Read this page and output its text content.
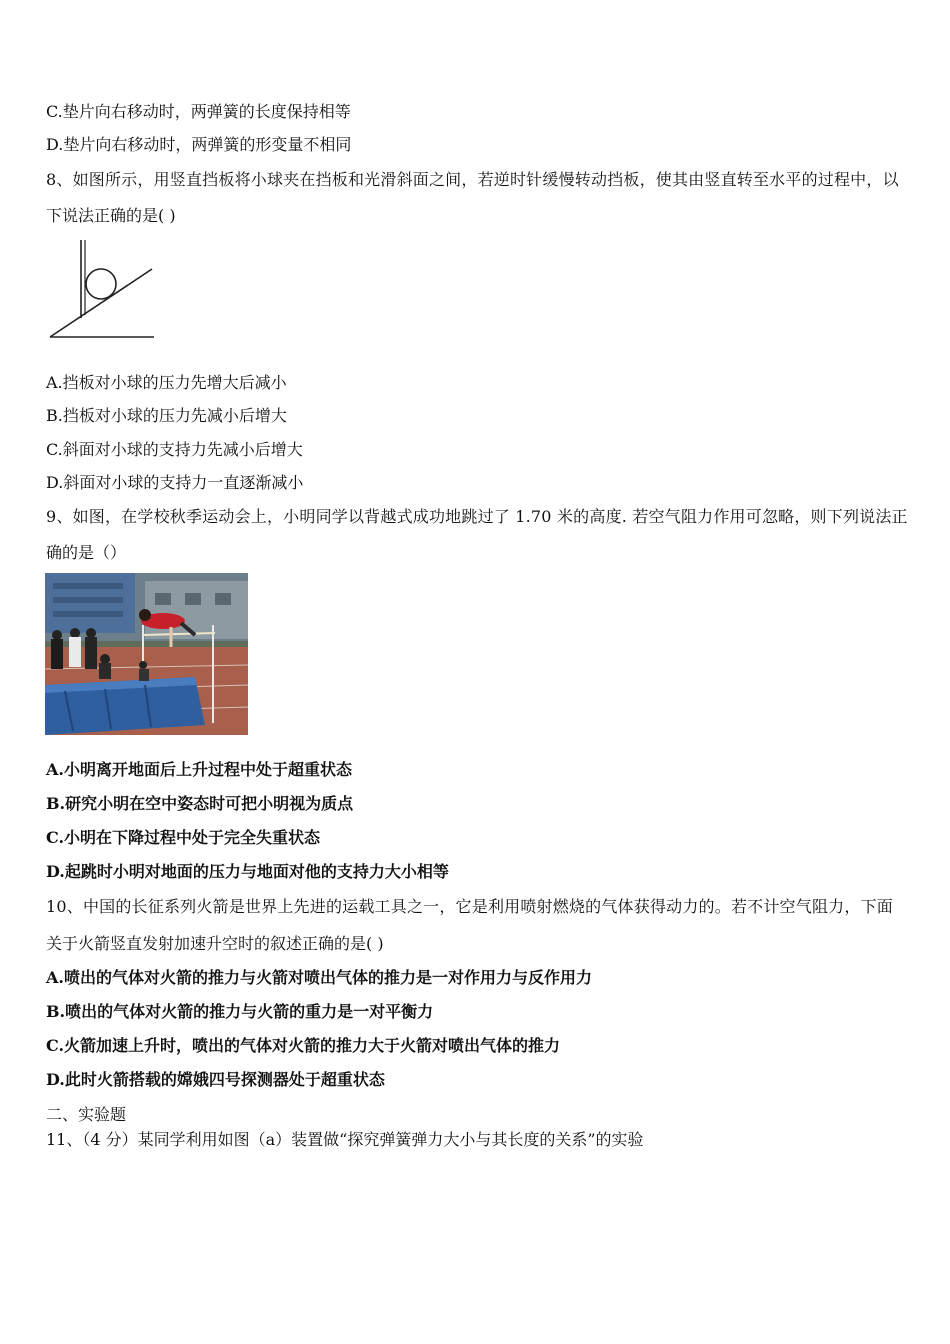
C.垫片向右移动时，两弹簧的长度保持相等
D.垫片向右移动时，两弹簧的形变量不相同
8、如图所示，用竖直挡板将小球夹在挡板和光滑斜面之间，若逆时针缓慢转动挡板，使其由竖直转至水平的过程中，以
下说法正确的是( )
A.挡板对小球的压力先增大后减小
B.挡板对小球的压力先减小后增大
C.斜面对小球的支持力先减小后增大
D.斜面对小球的支持力一直逐渐减小
9、如图，在学校秋季运动会上，小明同学以背越式成功地跳过了 1.70 米的高度. 若空气阻力作用可忽略，则下列说法正
确的是（）
A.小明离开地面后上升过程中处于超重状态
B.研究小明在空中姿态时可把小明视为质点
C.小明在下降过程中处于完全失重状态
D.起跳时小明对地面的压力与地面对他的支持力大小相等
10、中国的长征系列火箭是世界上先进的运载工具之一，它是利用喷射燃烧的气体获得动力的。若不计空气阻力，下面
关于火箭竖直发射加速升空时的叙述正确的是( )
A.喷出的气体对火箭的推力与火箭对喷出气体的推力是一对作用力与反作用力
B.喷出的气体对火箭的推力与火箭的重力是一对平衡力
C.火箭加速上升时，喷出的气体对火箭的推力大于火箭对喷出气体的推力
D.此时火箭搭载的嫦娥四号探测器处于超重状态
二、实验题
11、（4 分）某同学利用如图（a）装置做“探究弹簧弹力大小与其长度的关系”的实验
